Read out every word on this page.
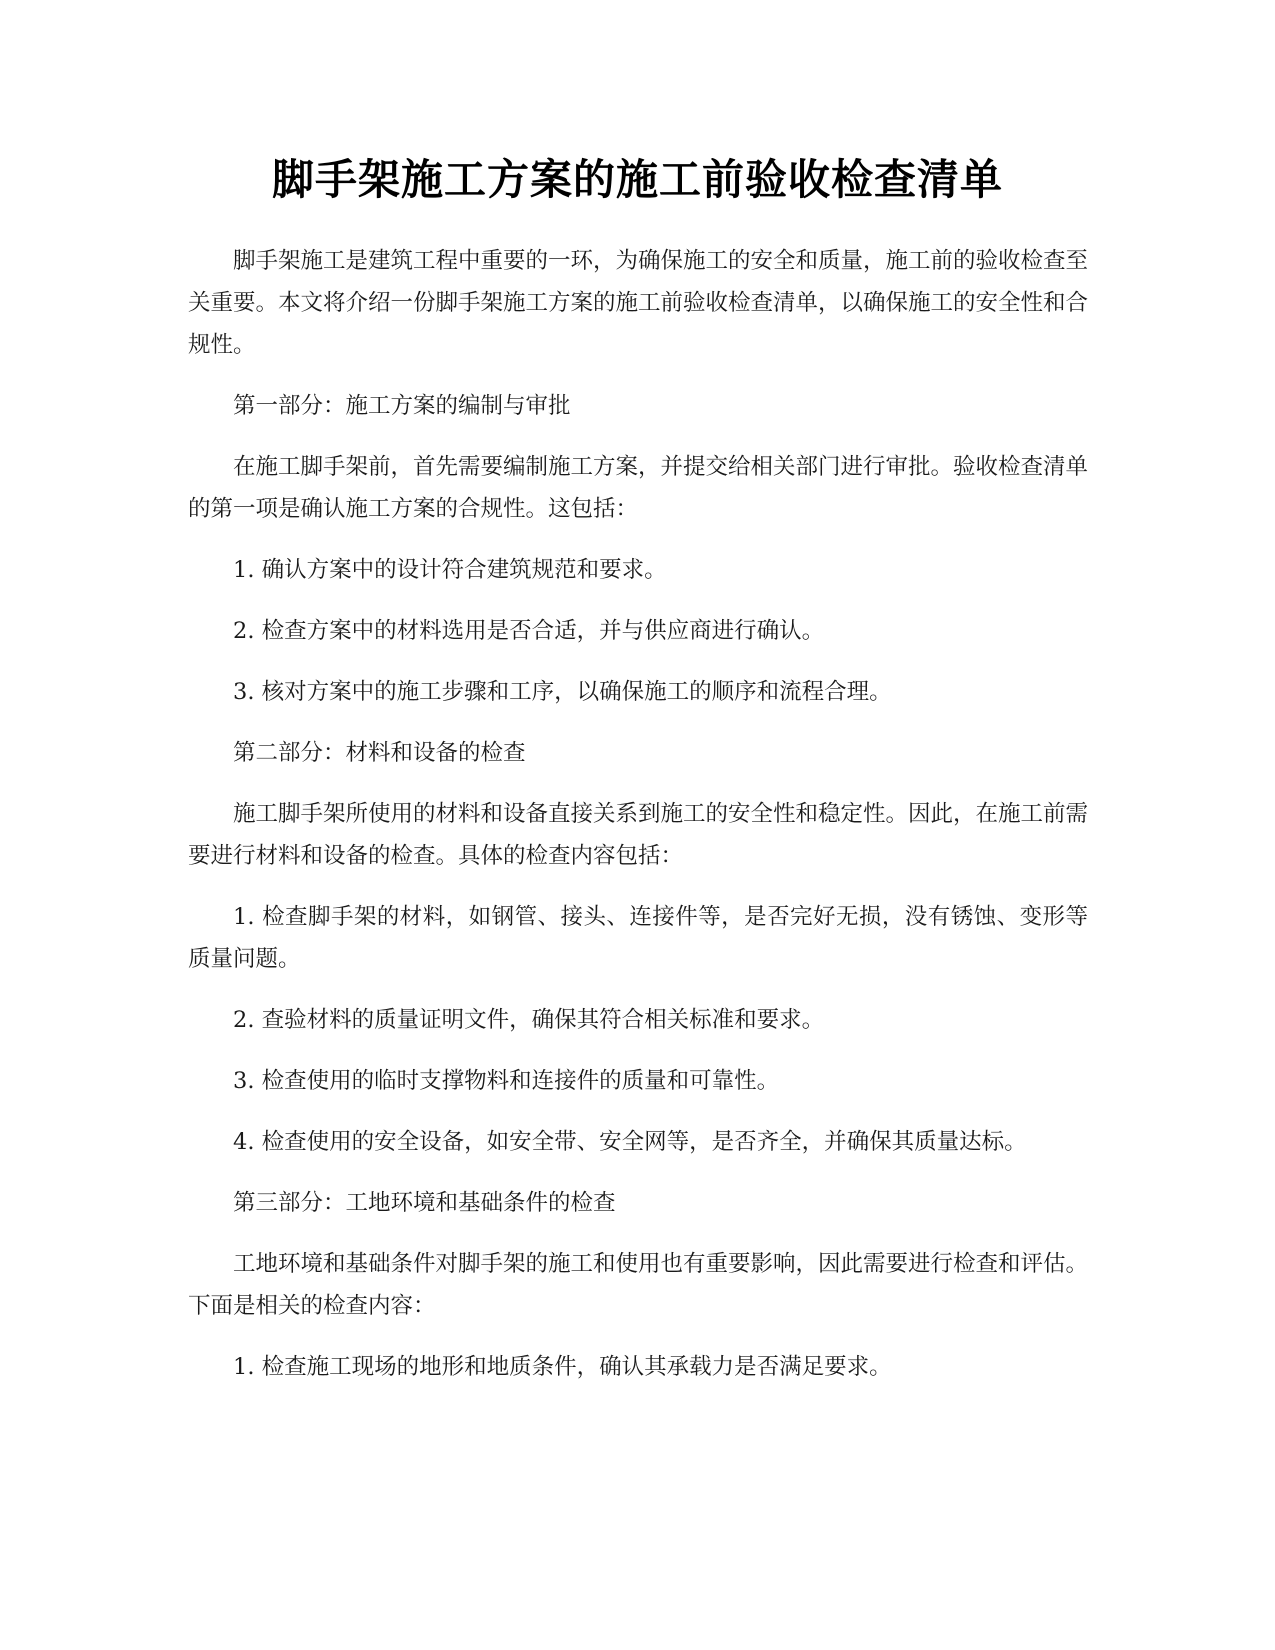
脚手架施工方案的施工前验收检查清单

脚手架施工是建筑工程中重要的一环，为确保施工的安全和质量，施工前的验收检查至关重要。本文将介绍一份脚手架施工方案的施工前验收检查清单，以确保施工的安全性和合规性。

第一部分：施工方案的编制与审批

在施工脚手架前，首先需要编制施工方案，并提交给相关部门进行审批。验收检查清单的第一项是确认施工方案的合规性。这包括：

1. 确认方案中的设计符合建筑规范和要求。

2. 检查方案中的材料选用是否合适，并与供应商进行确认。

3. 核对方案中的施工步骤和工序，以确保施工的顺序和流程合理。

第二部分：材料和设备的检查

施工脚手架所使用的材料和设备直接关系到施工的安全性和稳定性。因此，在施工前需要进行材料和设备的检查。具体的检查内容包括：

1. 检查脚手架的材料，如钢管、接头、连接件等，是否完好无损，没有锈蚀、变形等质量问题。

2. 查验材料的质量证明文件，确保其符合相关标准和要求。

3. 检查使用的临时支撑物料和连接件的质量和可靠性。

4. 检查使用的安全设备，如安全带、安全网等，是否齐全，并确保其质量达标。

第三部分：工地环境和基础条件的检查

工地环境和基础条件对脚手架的施工和使用也有重要影响，因此需要进行检查和评估。下面是相关的检查内容：

1. 检查施工现场的地形和地质条件，确认其承载力是否满足要求。
